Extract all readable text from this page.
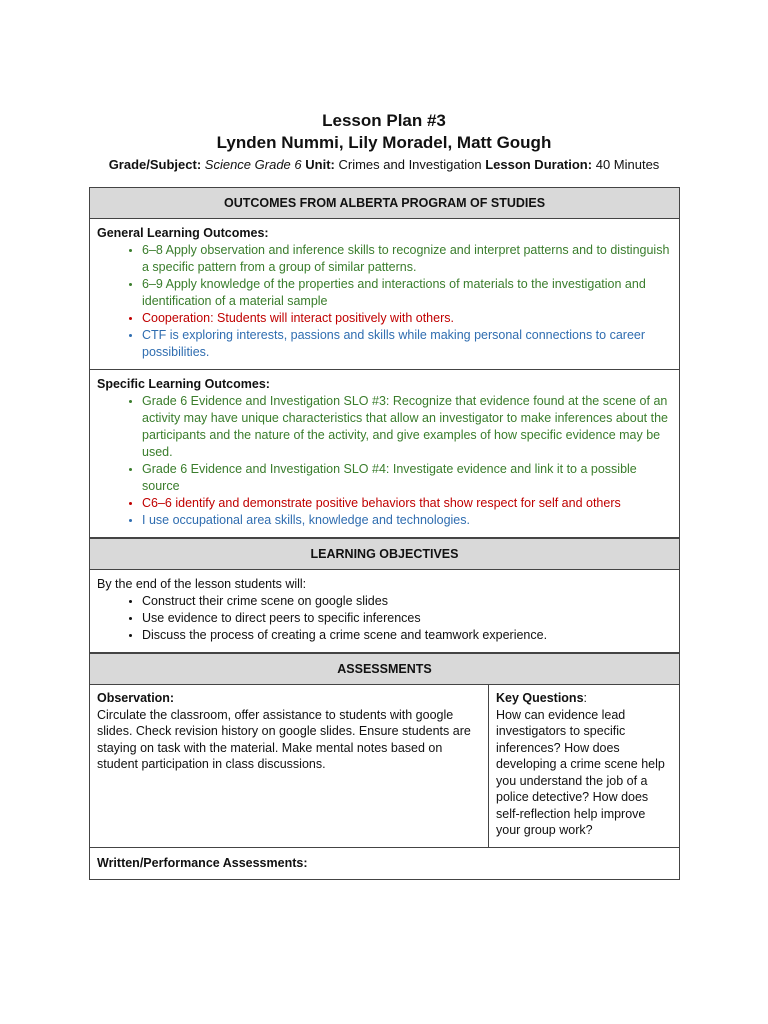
Lesson Plan #3
Lynden Nummi, Lily Moradel, Matt Gough
Grade/Subject: Science Grade 6 Unit: Crimes and Investigation Lesson Duration: 40 Minutes
OUTCOMES FROM ALBERTA PROGRAM OF STUDIES
General Learning Outcomes:
• 6–8 Apply observation and inference skills to recognize and interpret patterns and to distinguish a specific pattern from a group of similar patterns.
• 6–9 Apply knowledge of the properties and interactions of materials to the investigation and identification of a material sample
• Cooperation: Students will interact positively with others.
• CTF is exploring interests, passions and skills while making personal connections to career possibilities.
Specific Learning Outcomes:
• Grade 6 Evidence and Investigation SLO #3: Recognize that evidence found at the scene of an activity may have unique characteristics that allow an investigator to make inferences about the participants and the nature of the activity, and give examples of how specific evidence may be used.
• Grade 6 Evidence and Investigation SLO #4: Investigate evidence and link it to a possible source
• C6–6 identify and demonstrate positive behaviors that show respect for self and others
• I use occupational area skills, knowledge and technologies.
LEARNING OBJECTIVES
By the end of the lesson students will:
• Construct their crime scene on google slides
• Use evidence to direct peers to specific inferences
• Discuss the process of creating a crime scene and teamwork experience.
ASSESSMENTS
Observation:
Circulate the classroom, offer assistance to students with google slides. Check revision history on google slides. Ensure students are staying on task with the material. Make mental notes based on student participation in class discussions.
Key Questions:
How can evidence lead investigators to specific inferences? How does developing a crime scene help you understand the job of a police detective? How does self-reflection help improve your group work?
Written/Performance Assessments:
